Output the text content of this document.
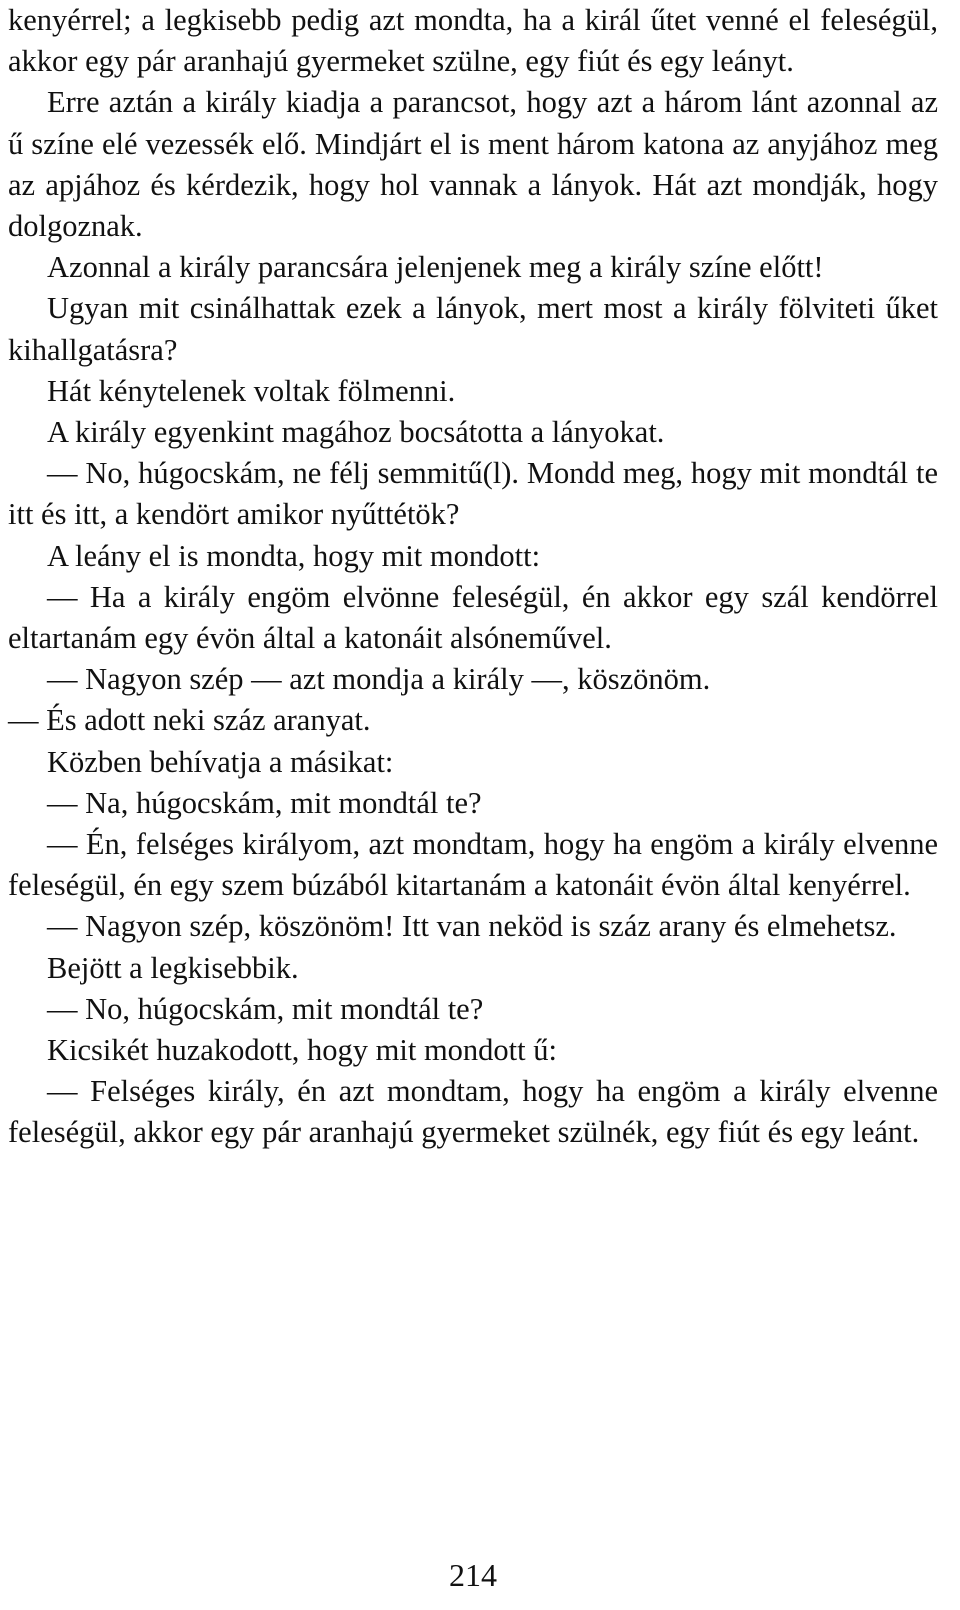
kenyérrel; a legkisebb pedig azt mondta, ha a királ űtet venné el feleségül, akkor egy pár aranhajú gyermeket szülne, egy fiút és egy leányt.

Erre aztán a király kiadja a parancsot, hogy azt a három lánt azonnal az ű színe elé vezessék elő. Mindjárt el is ment három katona az anyjához meg az apjához és kérdezik, hogy hol vannak a lányok. Hát azt mondják, hogy dolgoznak.

Azonnal a király parancsára jelenjenek meg a király színe előtt!

Ugyan mit csinálhattak ezek a lányok, mert most a király fölviteti űket kihallgatásra?

Hát kénytelenek voltak fölmenni.

A király egyenkint magához bocsátotta a lányokat.

— No, húgocskám, ne félj semmitű(l). Mondd meg, hogy mit mondtál te itt és itt, a kendört amikor nyűttétök?

A leány el is mondta, hogy mit mondott:

— Ha a király engöm elvönne feleségül, én akkor egy szál kendörrel eltartanám egy évön által a katonáit alsóneművel.

— Nagyon szép — azt mondja a király —, köszönöm.

— És adott neki száz aranyat.

Közben behívatja a másikat:

— Na, húgocskám, mit mondtál te?

— Én, felséges királyom, azt mondtam, hogy ha engöm a király elvenne feleségül, én egy szem búzából kitartanám a katonáit évön által kenyérrel.

— Nagyon szép, köszönöm! Itt van neköd is száz arany és elmehetsz.

Bejött a legkisebbik.

— No, húgocskám, mit mondtál te?

Kicsikét huzakodott, hogy mit mondott ű:

— Felséges király, én azt mondtam, hogy ha engöm a király elvenne feleségül, akkor egy pár aranhajú gyermeket szülnék, egy fiút és egy leánt.

214
